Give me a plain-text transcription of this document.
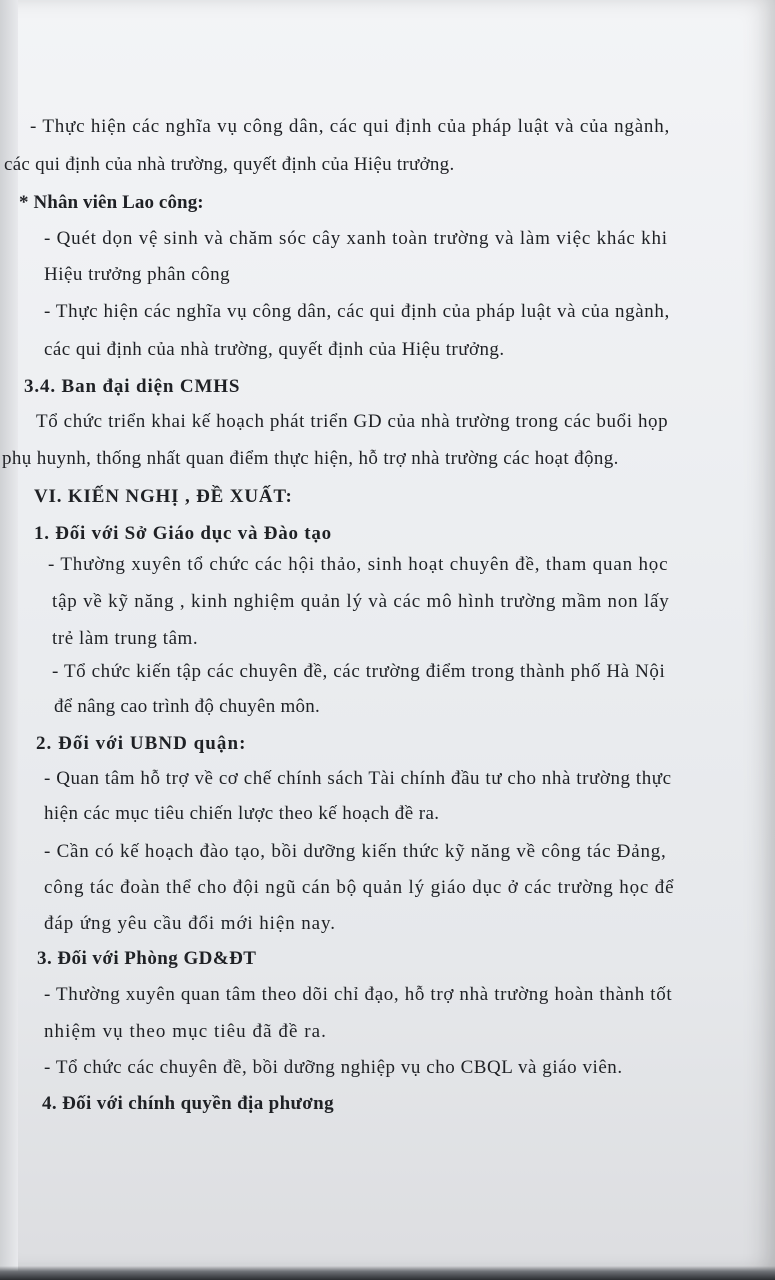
- Thực hiện các nghĩa vụ công dân, các qui định của pháp luật và của ngành,
các qui định của nhà trường, quyết định của Hiệu trưởng.
* Nhân viên Lao công:
- Quét dọn vệ sinh và chăm sóc cây xanh toàn trường và làm việc khác khi
Hiệu trưởng phân công
- Thực hiện các nghĩa vụ công dân, các qui định của pháp luật và của ngành,
các qui định của nhà trường, quyết định của Hiệu trưởng.
3.4. Ban đại diện CMHS
Tổ chức triển khai kế hoạch phát triển GD của nhà trường trong các buổi họp
phụ huynh, thống nhất quan điểm thực hiện, hỗ trợ nhà trường các hoạt động.
VI. KIẾN NGHỊ , ĐỀ XUẤT:
1. Đối với Sở Giáo dục và Đào tạo
- Thường xuyên tổ chức các hội thảo, sinh hoạt chuyên đề, tham quan học
tập về kỹ năng , kinh nghiệm quản lý và các mô hình trường mầm non lấy
trẻ làm trung tâm.
- Tổ chức kiến tập các chuyên đề, các trường điểm trong thành phố Hà Nội
để nâng cao trình độ chuyên môn.
2. Đối với UBND quận:
- Quan tâm hỗ trợ về cơ chế chính sách Tài chính đầu tư cho nhà trường thực
hiện các mục tiêu chiến lược theo kế hoạch đề ra.
- Cần có kế hoạch đào tạo, bồi dưỡng kiến thức kỹ năng về công tác Đảng,
công tác đoàn thể cho đội ngũ cán bộ quản lý giáo dục ở các trường học để
đáp ứng yêu cầu đổi mới hiện nay.
3. Đối với Phòng GD&ĐT
- Thường xuyên quan tâm theo dõi chỉ đạo, hỗ trợ nhà trường hoàn thành tốt
nhiệm vụ theo mục tiêu đã đề ra.
- Tổ chức các chuyên đề, bồi dưỡng nghiệp vụ cho CBQL và giáo viên.
4. Đối với chính quyền địa phương
